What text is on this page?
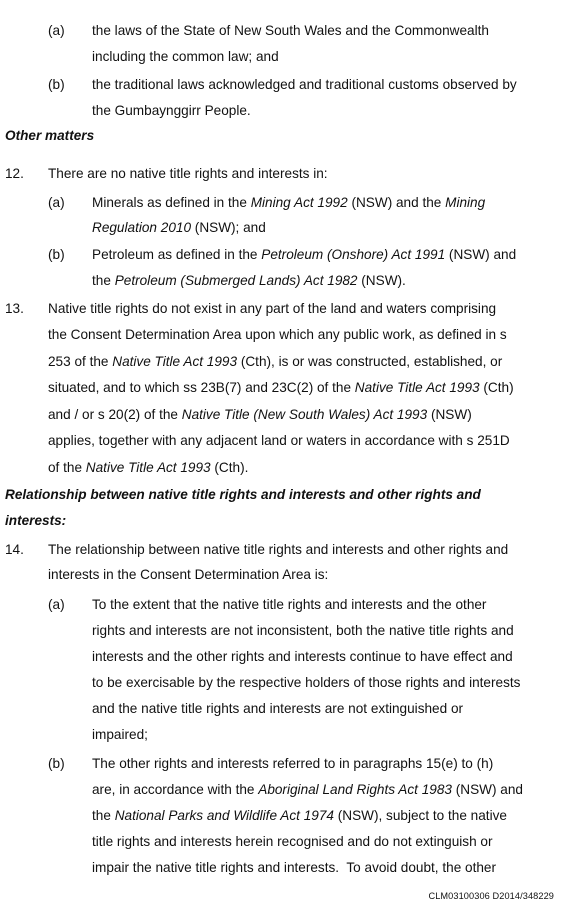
(a) the laws of the State of New South Wales and the Commonwealth
including the common law; and
(b) the traditional laws acknowledged and traditional customs observed by
the Gumbaynggirr People.
Other matters
12. There are no native title rights and interests in:
(a) Minerals as defined in the Mining Act 1992 (NSW) and the Mining
Regulation 2010 (NSW); and
(b) Petroleum as defined in the Petroleum (Onshore) Act 1991 (NSW) and
the Petroleum (Submerged Lands) Act 1982 (NSW).
13. Native title rights do not exist in any part of the land and waters comprising
the Consent Determination Area upon which any public work, as defined in s
253 of the Native Title Act 1993 (Cth), is or was constructed, established, or
situated, and to which ss 23B(7) and 23C(2) of the Native Title Act 1993 (Cth)
and / or s 20(2) of the Native Title (New South Wales) Act 1993 (NSW)
applies, together with any adjacent land or waters in accordance with s 251D
of the Native Title Act 1993 (Cth).
Relationship between native title rights and interests and other rights and
interests:
14. The relationship between native title rights and interests and other rights and
interests in the Consent Determination Area is:
(a) To the extent that the native title rights and interests and the other
rights and interests are not inconsistent, both the native title rights and
interests and the other rights and interests continue to have effect and
to be exercisable by the respective holders of those rights and interests
and the native title rights and interests are not extinguished or
impaired;
(b) The other rights and interests referred to in paragraphs 15(e) to (h)
are, in accordance with the Aboriginal Land Rights Act 1983 (NSW) and
the National Parks and Wildlife Act 1974 (NSW), subject to the native
title rights and interests herein recognised and do not extinguish or
impair the native title rights and interests.  To avoid doubt, the other
CLM03100306 D2014/348229
